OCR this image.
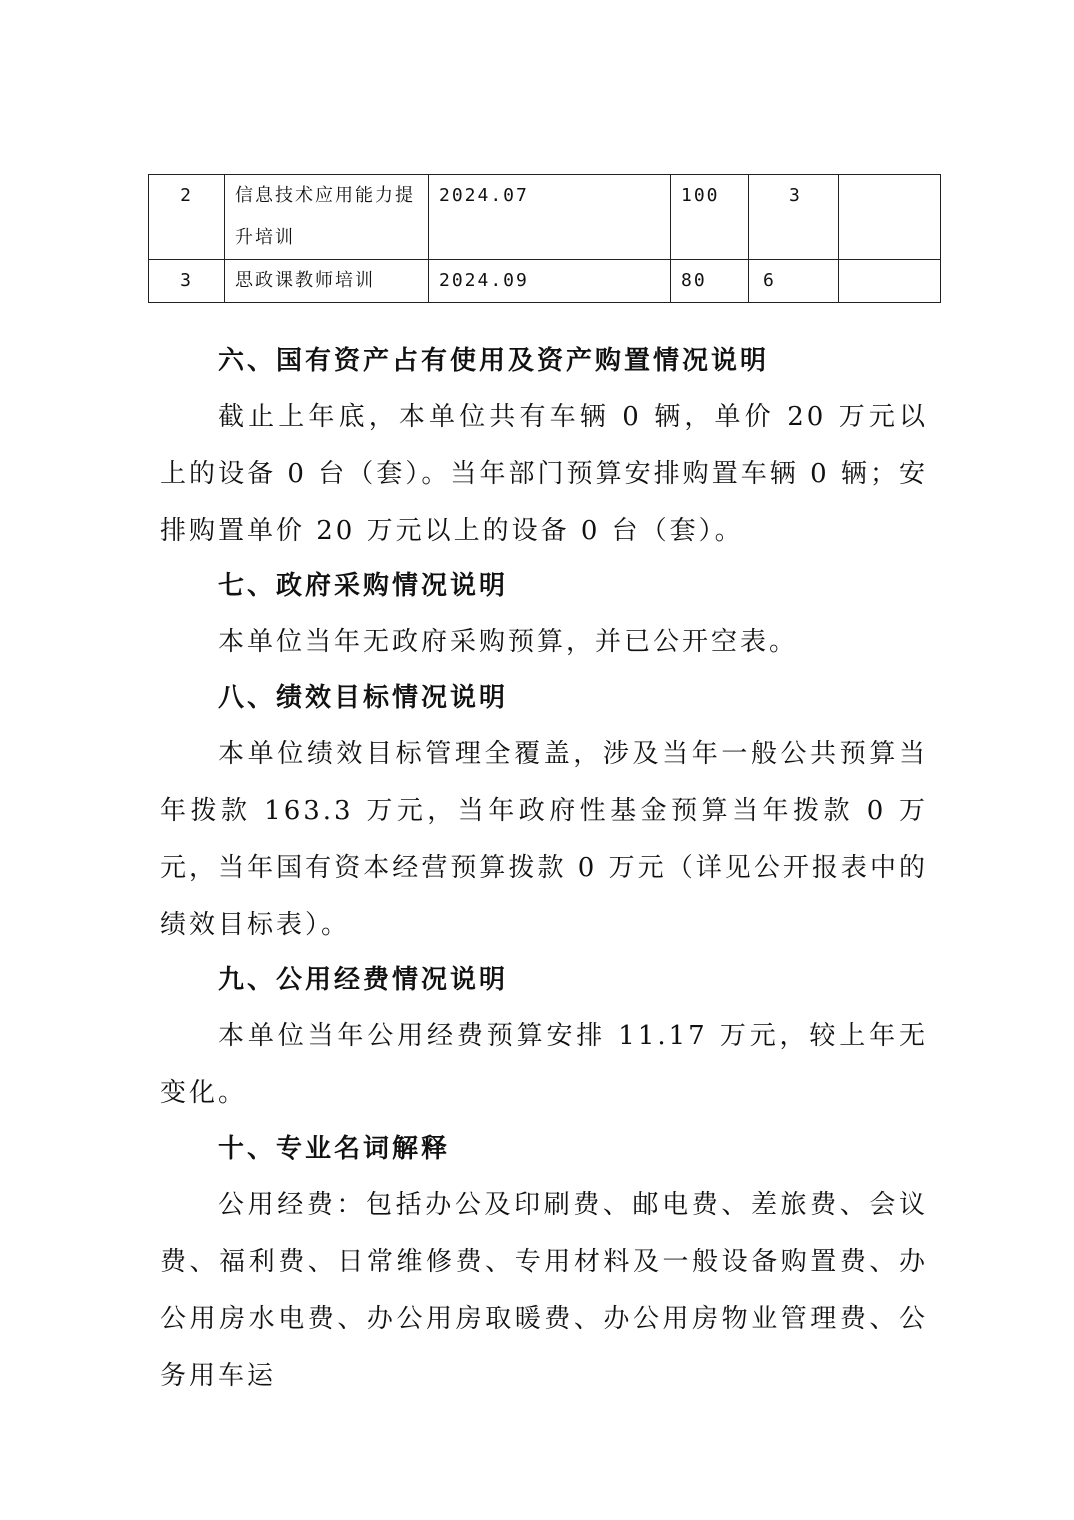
2	信息技术应用能力提升培训	2024.07	100	3	
3	思政课教师培训	2024.09	80	6	
六、国有资产占有使用及资产购置情况说明

截止上年底，本单位共有车辆 0 辆，单价 20 万元以上的设备 0 台（套）。当年部门预算安排购置车辆 0 辆；安排购置单价 20 万元以上的设备 0 台（套）。

七、政府采购情况说明

本单位当年无政府采购预算，并已公开空表。

八、绩效目标情况说明

本单位绩效目标管理全覆盖，涉及当年一般公共预算当年拨款 163.3 万元，当年政府性基金预算当年拨款 0 万元，当年国有资本经营预算拨款 0 万元（详见公开报表中的绩效目标表）。

九、公用经费情况说明

本单位当年公用经费预算安排 11.17 万元，较上年无变化。

十、专业名词解释

公用经费：包括办公及印刷费、邮电费、差旅费、会议费、福利费、日常维修费、专用材料及一般设备购置费、办公用房水电费、办公用房取暖费、办公用房物业管理费、公务用车运
